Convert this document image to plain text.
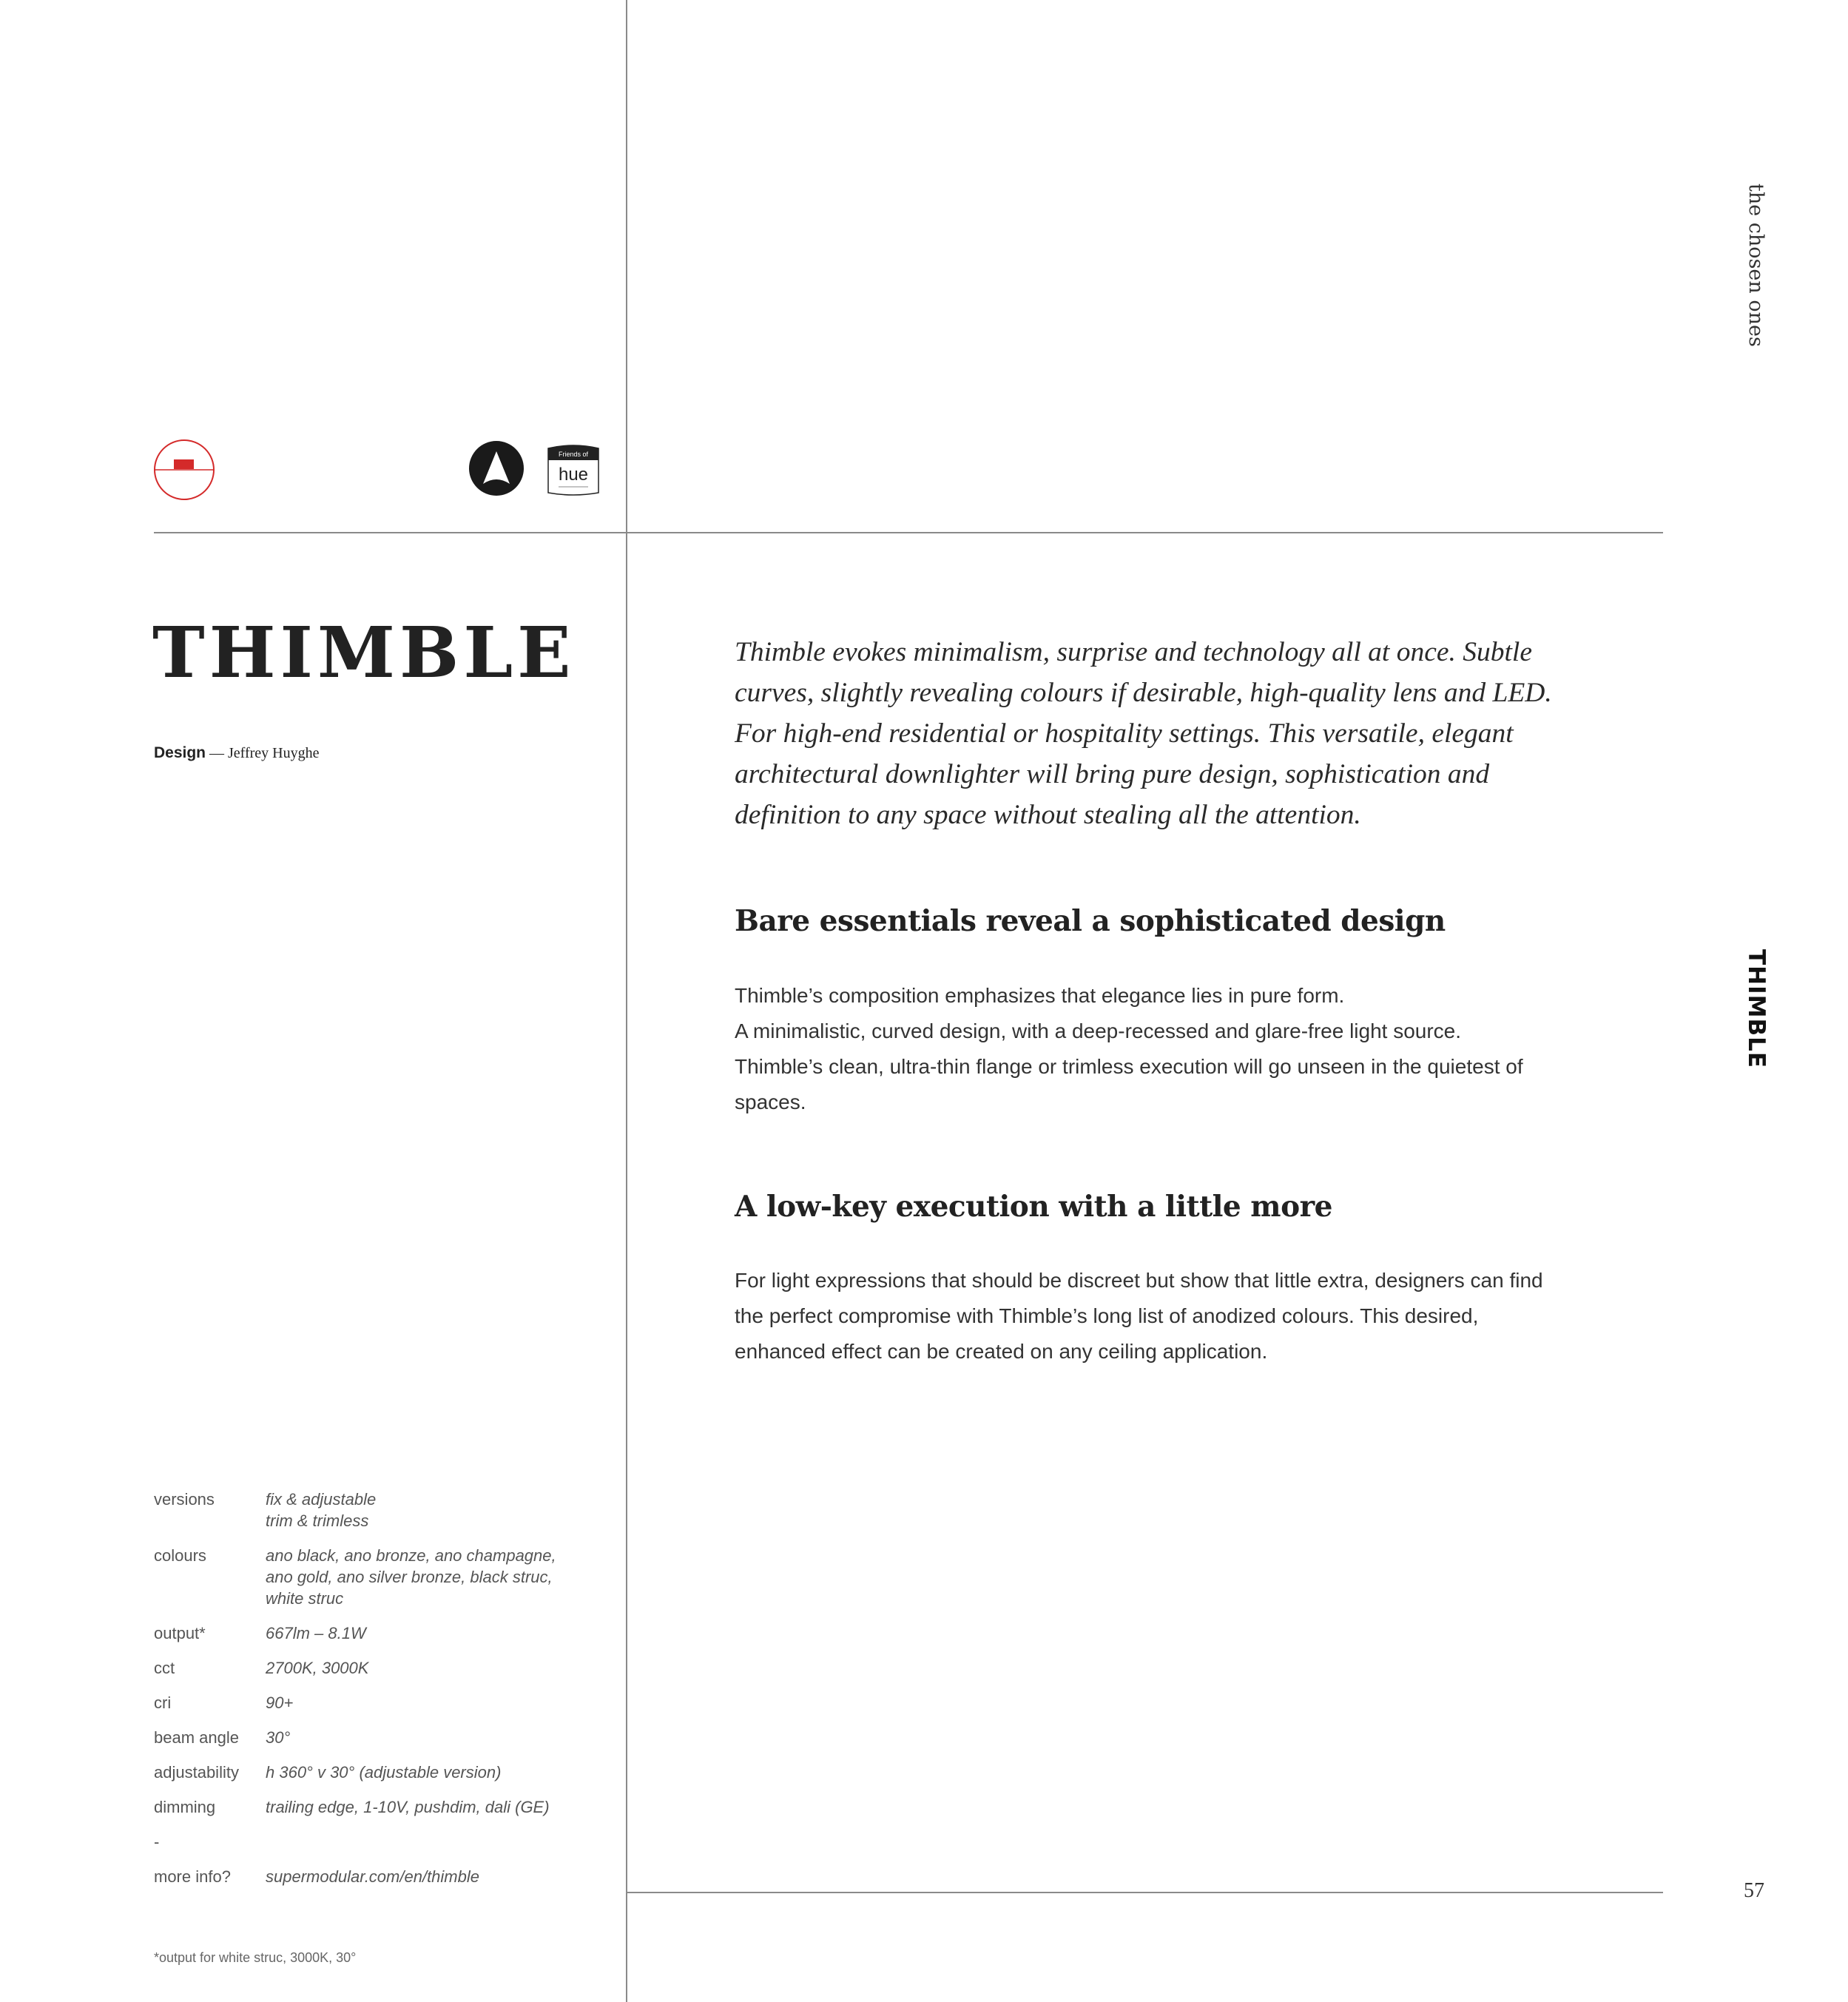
the chosen ones
THIMBLE
57
Friends of
hue
THIMBLE
Design — Jeffrey Huyghe

Thimble evokes minimalism, surprise and technology all at once. Subtle curves, slightly revealing colours if desirable, high-quality lens and LED. For high-end residential or hospitality settings. This versatile, elegant architectural downlighter will bring pure design, sophistication and definition to any space without stealing all the attention.

Bare essentials reveal a sophisticated design
Thimble’s composition emphasizes that elegance lies in pure form.
A minimalistic, curved design, with a deep-recessed and glare-free light source. Thimble’s clean, ultra-thin flange or trimless execution will go unseen in the quietest of spaces.
A low-key execution with a little more
For light expressions that should be discreet but show that little extra, designers can find the perfect compromise with Thimble’s long list of anodized colours. This desired, enhanced effect can be created on any ceiling application.
versions	fix & adjustable
trim & trimless
colours	ano black, ano bronze, ano champagne,
ano gold, ano silver bronze, black struc,
white struc
output*	667lm – 8.1W
cct	2700K, 3000K
cri	90+
beam angle	30°
adjustability	h 360° v 30° (adjustable version)
dimming	trailing edge, 1-10V, pushdim, dali (GE)
-
more info?	supermodular.com/en/thimble
*output for white struc, 3000K, 30°
